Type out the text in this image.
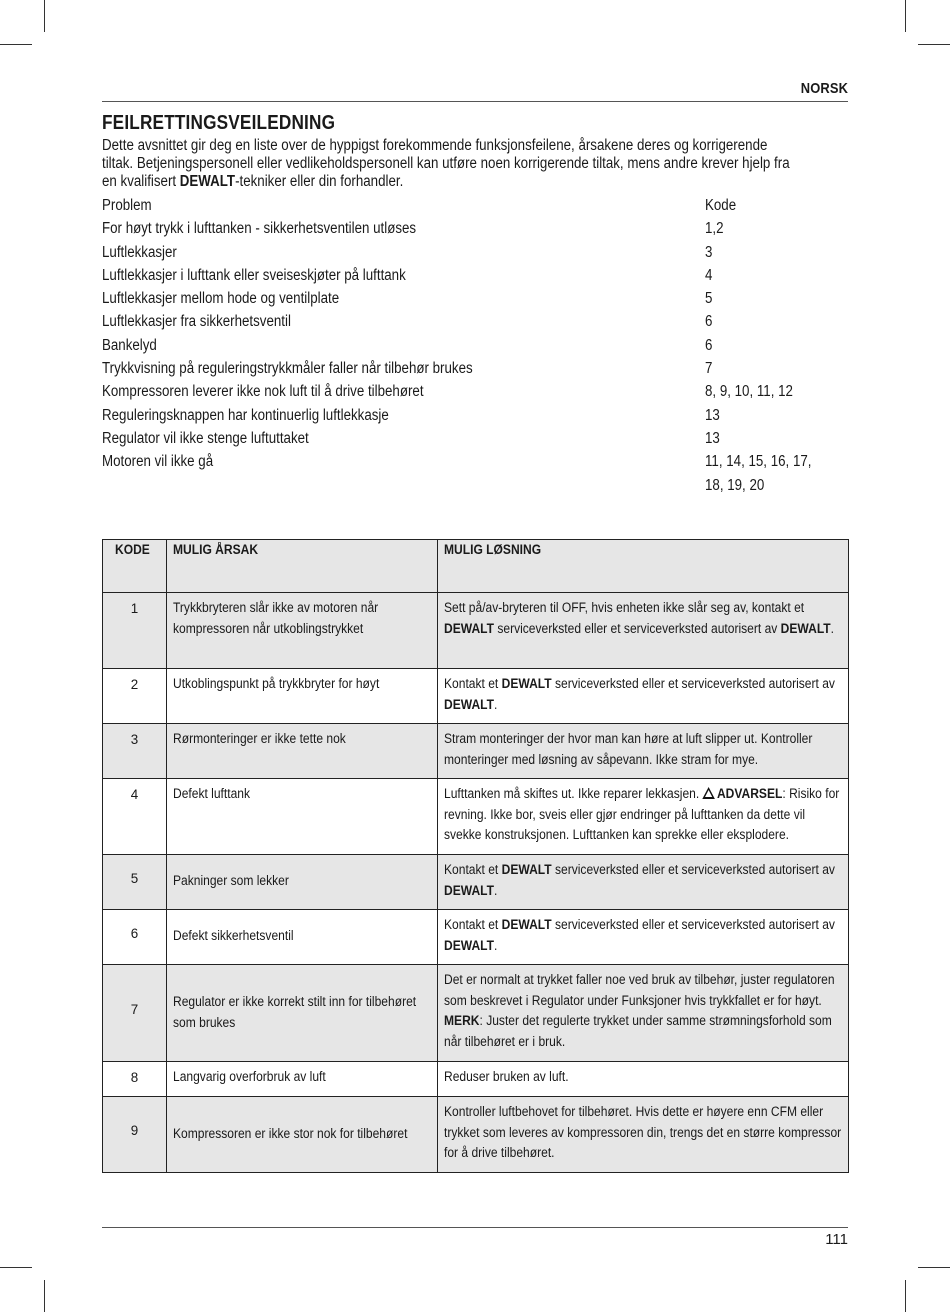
NORSK
FEILRETTINGSVEILEDNING
Dette avsnittet gir deg en liste over de hyppigst forekommende funksjonsfeilene, årsakene deres og korrigerende
tiltak. Betjeningspersonell eller vedlikeholdspersonell kan utføre noen korrigerende tiltak, mens andre krever hjelp fra
en kvalifisert DEWALT-tekniker eller din forhandler.
Problem	Kode
For høyt trykk i lufttanken - sikkerhetsventilen utløses	1,2
Luftlekkasjer	3
Luftlekkasjer i lufttank eller sveiseskjøter på lufttank	4
Luftlekkasjer mellom hode og ventilplate	5
Luftlekkasjer fra sikkerhetsventil	6
Bankelyd	6
Trykkvisning på reguleringstrykkmåler faller når tilbehør brukes	7
Kompressoren leverer ikke nok luft til å drive tilbehøret	8, 9, 10, 11, 12
Reguleringsknappen har kontinuerlig luftlekkasje	13
Regulator vil ikke stenge luftuttaket	13
Motoren vil ikke gå	11, 14, 15, 16, 17,
18, 19, 20
KODE	MULIG ÅRSAK	MULIG LØSNING

1	Trykkbryteren slår ikke av motoren når kompressoren når utkoblingstrykket	Sett på/av-bryteren til OFF, hvis enheten ikke slår seg av, kontakt et DEWALT serviceverksted eller et serviceverksted autorisert av DEWALT.

2	Utkoblingspunkt på trykkbryter for høyt	Kontakt et DEWALT serviceverksted eller et serviceverksted autorisert av DEWALT.

3	Rørmonteringer er ikke tette nok	Stram monteringer der hvor man kan høre at luft slipper ut. Kontroller monteringer med løsning av såpevann. Ikke stram for mye.

4	Defekt lufttank	Lufttanken må skiftes ut. Ikke reparer lekkasjen. ADVARSEL: Risiko for revning. Ikke bor, sveis eller gjør endringer på lufttanken da dette vil svekke konstruksjonen. Lufttanken kan sprekke eller eksplodere.

5	Pakninger som lekker	Kontakt et DEWALT serviceverksted eller et serviceverksted autorisert av DEWALT.

6	Defekt sikkerhetsventil	Kontakt et DEWALT serviceverksted eller et serviceverksted autorisert av DEWALT.

7	Regulator er ikke korrekt stilt inn for tilbehøret som brukes	Det er normalt at trykket faller noe ved bruk av tilbehør, juster regulatoren som beskrevet i Regulator under Funksjoner hvis trykkfallet er for høyt. MERK: Juster det regulerte trykket under samme strømningsforhold som når tilbehøret er i bruk.

8	Langvarig overforbruk av luft	Reduser bruken av luft.

9	Kompressoren er ikke stor nok for tilbehøret	Kontroller luftbehovet for tilbehøret. Hvis dette er høyere enn CFM eller trykket som leveres av kompressoren din, trengs det en større kompressor for å drive tilbehøret.
111
